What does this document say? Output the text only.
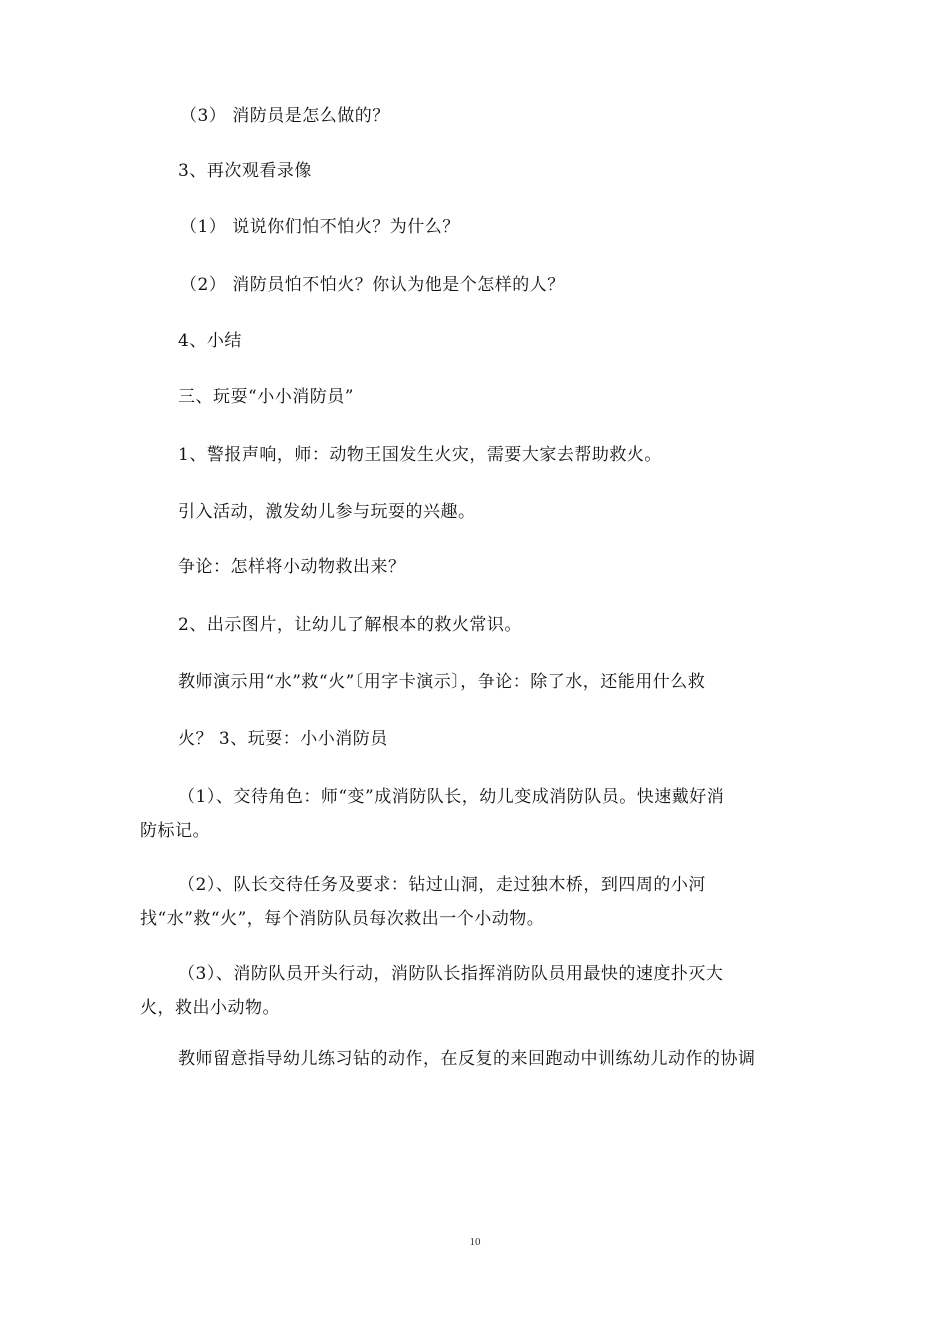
（3） 消防员是怎么做的？
3、再次观看录像
（1） 说说你们怕不怕火？为什么？
（2） 消防员怕不怕火？你认为他是个怎样的人？
4、小结
三、玩耍“小小消防员”
1、警报声响，师：动物王国发生火灾，需要大家去帮助救火。
引入活动，激发幼儿参与玩耍的兴趣。
争论：怎样将小动物救出来？
2、出示图片，让幼儿了解根本的救火常识。
教师演示用“水”救“火”〔用字卡演示〕，争论：除了水，还能用什么救
火？ 3、玩耍：小小消防员
（1）、交待角色：师“变”成消防队长，幼儿变成消防队员。快速戴好消
防标记。
（2）、队长交待任务及要求：钻过山洞，走过独木桥，到四周的小河
找“水”救“火”，每个消防队员每次救出一个小动物。
（3）、消防队员开头行动，消防队长指挥消防队员用最快的速度扑灭大
火，救出小动物。
教师留意指导幼儿练习钻的动作，在反复的来回跑动中训练幼儿动作的协调
10
